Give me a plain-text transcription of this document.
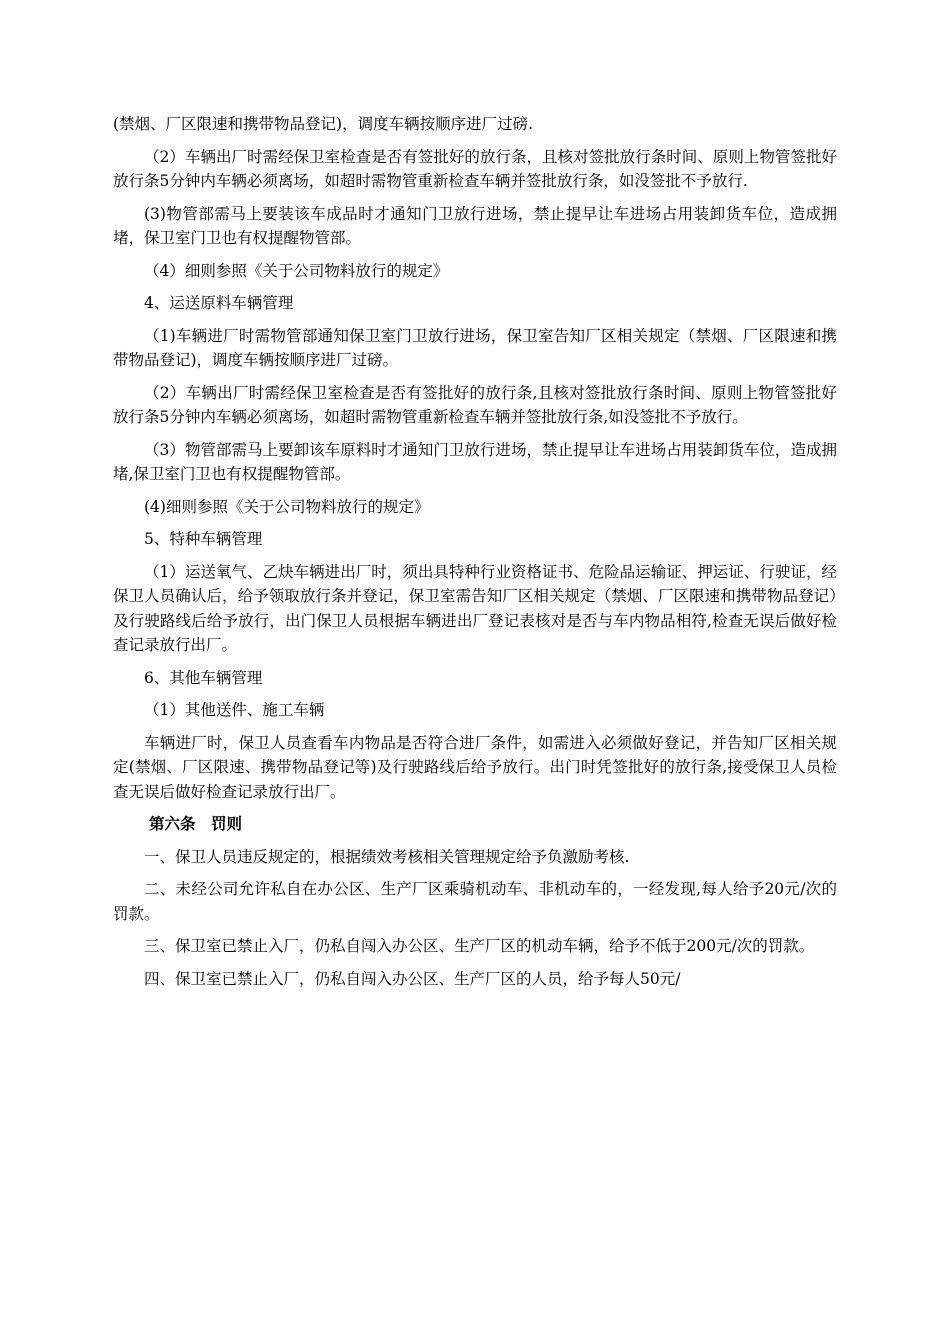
(禁烟、厂区限速和携带物品登记)，调度车辆按顺序进厂过磅.

（2）车辆出厂时需经保卫室检查是否有签批好的放行条，且核对签批放行条时间、原则上物管签批好放行条5分钟内车辆必须离场，如超时需物管重新检查车辆并签批放行条，如没签批不予放行.

(3)物管部需马上要装该车成品时才通知门卫放行进场，禁止提早让车进场占用装卸货车位，造成拥堵，保卫室门卫也有权提醒物管部。

（4）细则参照《关于公司物料放行的规定》

4、运送原料车辆管理

（1)车辆进厂时需物管部通知保卫室门卫放行进场，保卫室告知厂区相关规定（禁烟、厂区限速和携带物品登记)，调度车辆按顺序进厂过磅。

（2）车辆出厂时需经保卫室检查是否有签批好的放行条,且核对签批放行条时间、原则上物管签批好放行条5分钟内车辆必须离场，如超时需物管重新检查车辆并签批放行条,如没签批不予放行。

（3）物管部需马上要卸该车原料时才通知门卫放行进场，禁止提早让车进场占用装卸货车位，造成拥堵,保卫室门卫也有权提醒物管部。

(4)细则参照《关于公司物料放行的规定》

5、特种车辆管理

（1）运送氧气、乙炔车辆进出厂时，须出具特种行业资格证书、危险品运输证、押运证、行驶证，经保卫人员确认后，给予领取放行条并登记，保卫室需告知厂区相关规定（禁烟、厂区限速和携带物品登记）及行驶路线后给予放行，出门保卫人员根据车辆进出厂登记表核对是否与车内物品相符,检查无误后做好检查记录放行出厂。

6、其他车辆管理

（1）其他送件、施工车辆

车辆进厂时，保卫人员查看车内物品是否符合进厂条件，如需进入必须做好登记，并告知厂区相关规定(禁烟、厂区限速、携带物品登记等)及行驶路线后给予放行。出门时凭签批好的放行条,接受保卫人员检查无误后做好检查记录放行出厂。

第六条　罚则

一、保卫人员违反规定的，根据绩效考核相关管理规定给予负激励考核.

二、未经公司允许私自在办公区、生产厂区乘骑机动车、非机动车的，一经发现,每人给予20元/次的罚款。

三、保卫室已禁止入厂，仍私自闯入办公区、生产厂区的机动车辆，给予不低于200元/次的罚款。

四、保卫室已禁止入厂，仍私自闯入办公区、生产厂区的人员，给予每人50元/
